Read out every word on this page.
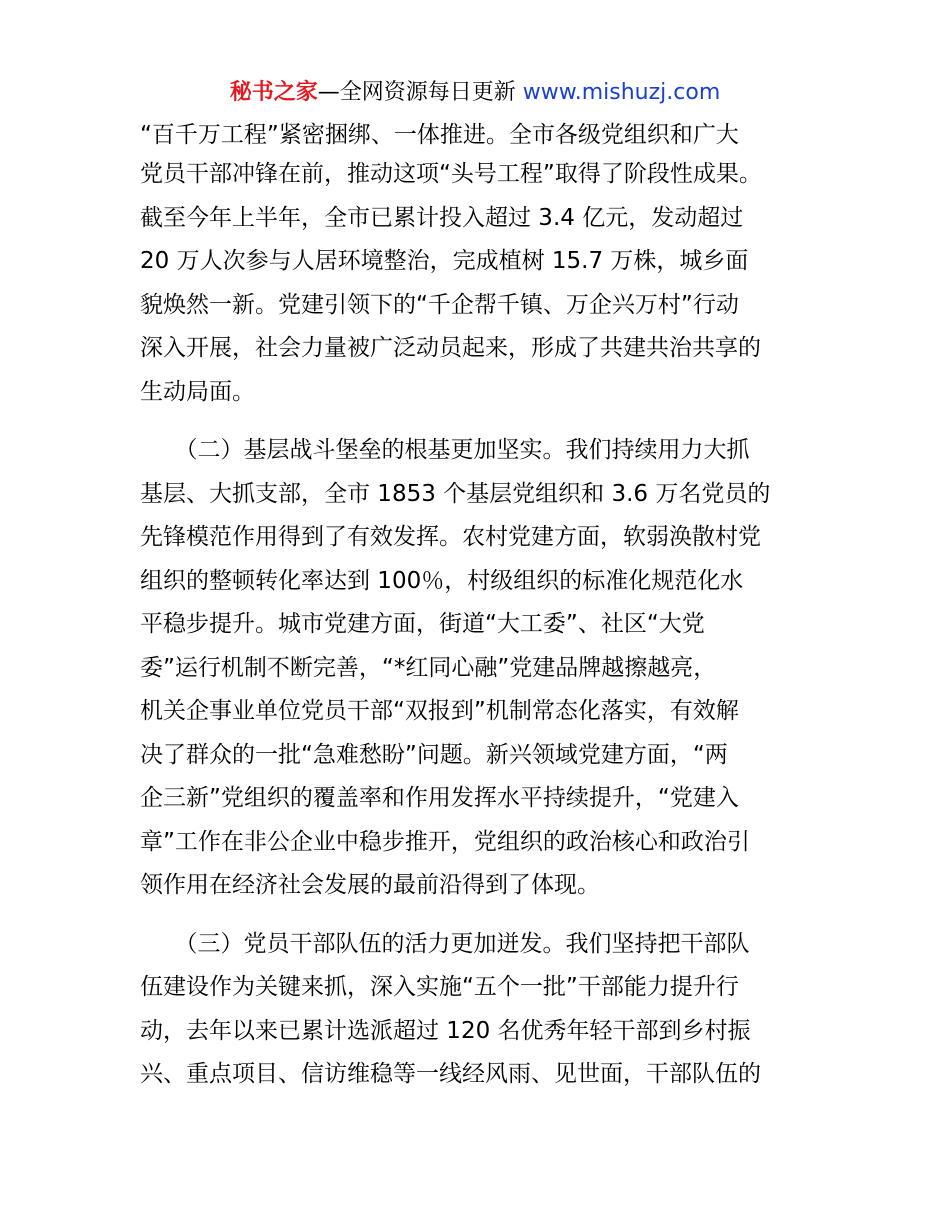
秘书之家—全网资源每日更新 www.mishuzj.com
“百千万工程”紧密捆绑、一体推进。全市各级党组织和广大
党员干部冲锋在前，推动这项“头号工程”取得了阶段性成果。
截至今年上半年，全市已累计投入超过 3.4 亿元，发动超过
20 万人次参与人居环境整治，完成植树 15.7 万株，城乡面
貌焕然一新。党建引领下的“千企帮千镇、万企兴万村”行动
深入开展，社会力量被广泛动员起来，形成了共建共治共享的
生动局面。
　　（二）基层战斗堡垒的根基更加坚实。我们持续用力大抓
基层、大抓支部，全市 1853 个基层党组织和 3.6 万名党员的
先锋模范作用得到了有效发挥。农村党建方面，软弱涣散村党
组织的整顿转化率达到 100％，村级组织的标准化规范化水
平稳步提升。城市党建方面，街道“大工委”、社区“大党
委”运行机制不断完善，“*红同心融”党建品牌越擦越亮，
机关企事业单位党员干部“双报到”机制常态化落实，有效解
决了群众的一批“急难愁盼”问题。新兴领域党建方面，“两
企三新”党组织的覆盖率和作用发挥水平持续提升，“党建入
章”工作在非公企业中稳步推开，党组织的政治核心和政治引
领作用在经济社会发展的最前沿得到了体现。
　　（三）党员干部队伍的活力更加迸发。我们坚持把干部队
伍建设作为关键来抓，深入实施“五个一批”干部能力提升行
动，去年以来已累计选派超过 120 名优秀年轻干部到乡村振
兴、重点项目、信访维稳等一线经风雨、见世面，干部队伍的
